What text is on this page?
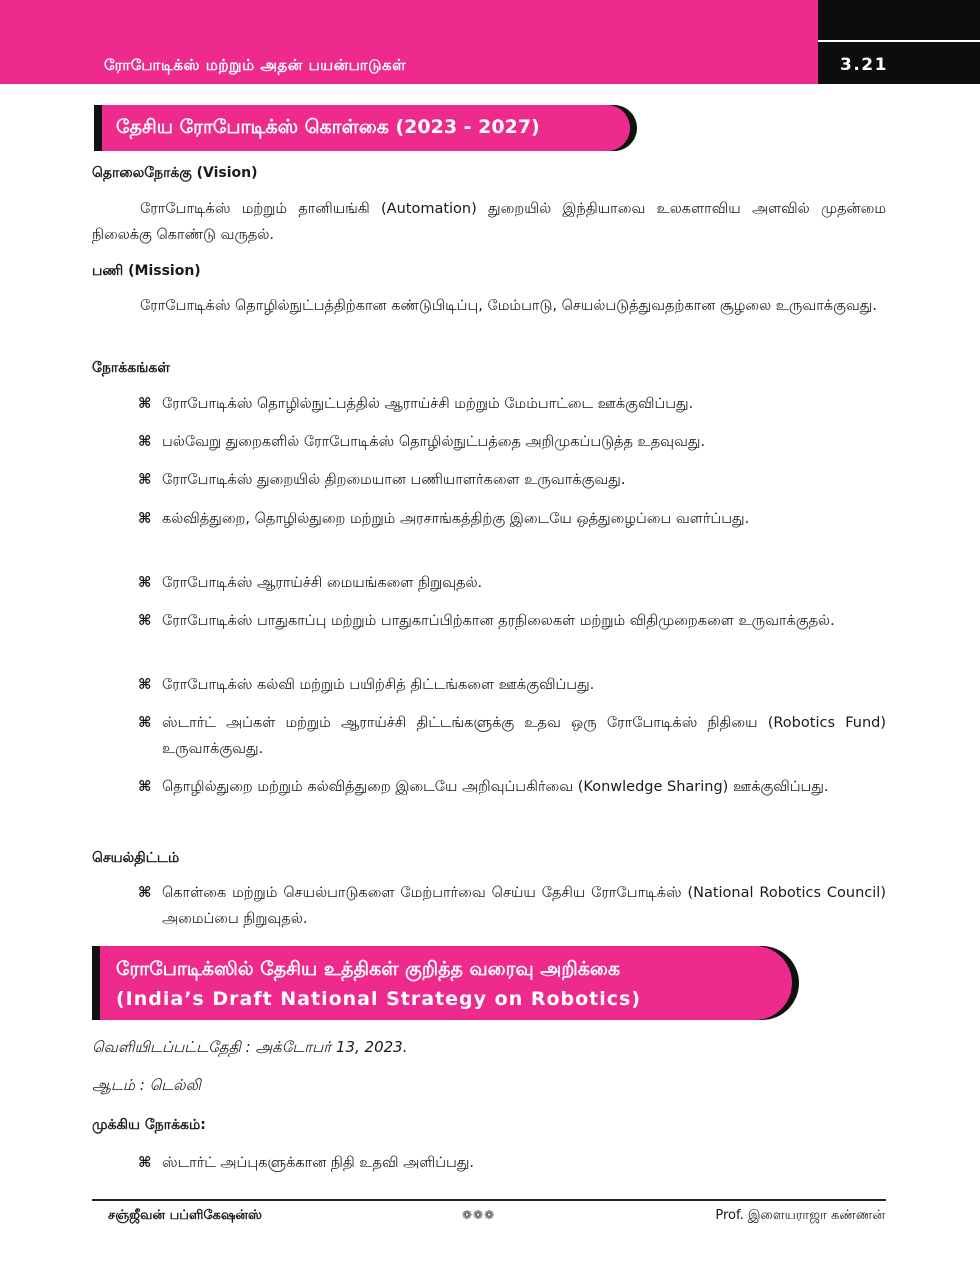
ரோபோடிக்ஸ் மற்றும் அதன் பயன்பாடுகள்	3.21
தேசிய ரோபோடிக்ஸ் கொள்கை (2023 - 2027)
தொலைநோக்கு (Vision)
ரோபோடிக்ஸ் மற்றும் தானியங்கி (Automation) துறையில் இந்தியாவை உலகளாவிய அளவில் முதன்மை நிலைக்கு கொண்டு வருதல்.
பணி (Mission)
ரோபோடிக்ஸ் தொழில்நுட்பத்திற்கான கண்டுபிடிப்பு, மேம்பாடு, செயல்படுத்துவதற்கான சூழலை உருவாக்குவது.
நோக்கங்கள்
⌘ ரோபோடிக்ஸ் தொழில்நுட்பத்தில் ஆராய்ச்சி மற்றும் மேம்பாட்டை ஊக்குவிப்பது.
⌘ பல்வேறு துறைகளில் ரோபோடிக்ஸ் தொழில்நுட்பத்தை அறிமுகப்படுத்த உதவுவது.
⌘ ரோபோடிக்ஸ் துறையில் திறமையான பணியாளர்களை உருவாக்குவது.
⌘ கல்வித்துறை, தொழில்துறை மற்றும் அரசாங்கத்திற்கு இடையே ஒத்துழைப்பை வளர்ப்பது.
⌘ ரோபோடிக்ஸ் ஆராய்ச்சி மையங்களை நிறுவுதல்.
⌘ ரோபோடிக்ஸ் பாதுகாப்பு மற்றும் பாதுகாப்பிற்கான தரநிலைகள் மற்றும் விதிமுறைகளை உருவாக்குதல்.
⌘ ரோபோடிக்ஸ் கல்வி மற்றும் பயிற்சித் திட்டங்களை ஊக்குவிப்பது.
⌘ ஸ்டார்ட் அப்கள் மற்றும் ஆராய்ச்சி திட்டங்களுக்கு உதவ ஒரு ரோபோடிக்ஸ் நிதியை (Robotics Fund) உருவாக்குவது.
⌘ தொழில்துறை மற்றும் கல்வித்துறை இடையே அறிவுப்பகிர்வை (Konwledge Sharing) ஊக்குவிப்பது.
செயல்திட்டம்
⌘ கொள்கை மற்றும் செயல்பாடுகளை மேற்பார்வை செய்ய தேசிய ரோபோடிக்ஸ் (National Robotics Council) அமைப்பை நிறுவுதல்.
ரோபோடிக்ஸில் தேசிய உத்திகள் குறித்த வரைவு அறிக்கை
(India’s Draft National Strategy on Robotics)
வெளியிடப்பட்டதேதி : அக்டோபர் 13, 2023.
ஆடம் : டெல்லி
முக்கிய நோக்கம்:
⌘ ஸ்டார்ட் அப்புகளுக்கான நிதி உதவி அளிப்பது.
சஞ்ஜீவன் பப்ளிகேஷன்ஸ்	❁❁❁	Prof. இளையராஜா கண்ணன்
